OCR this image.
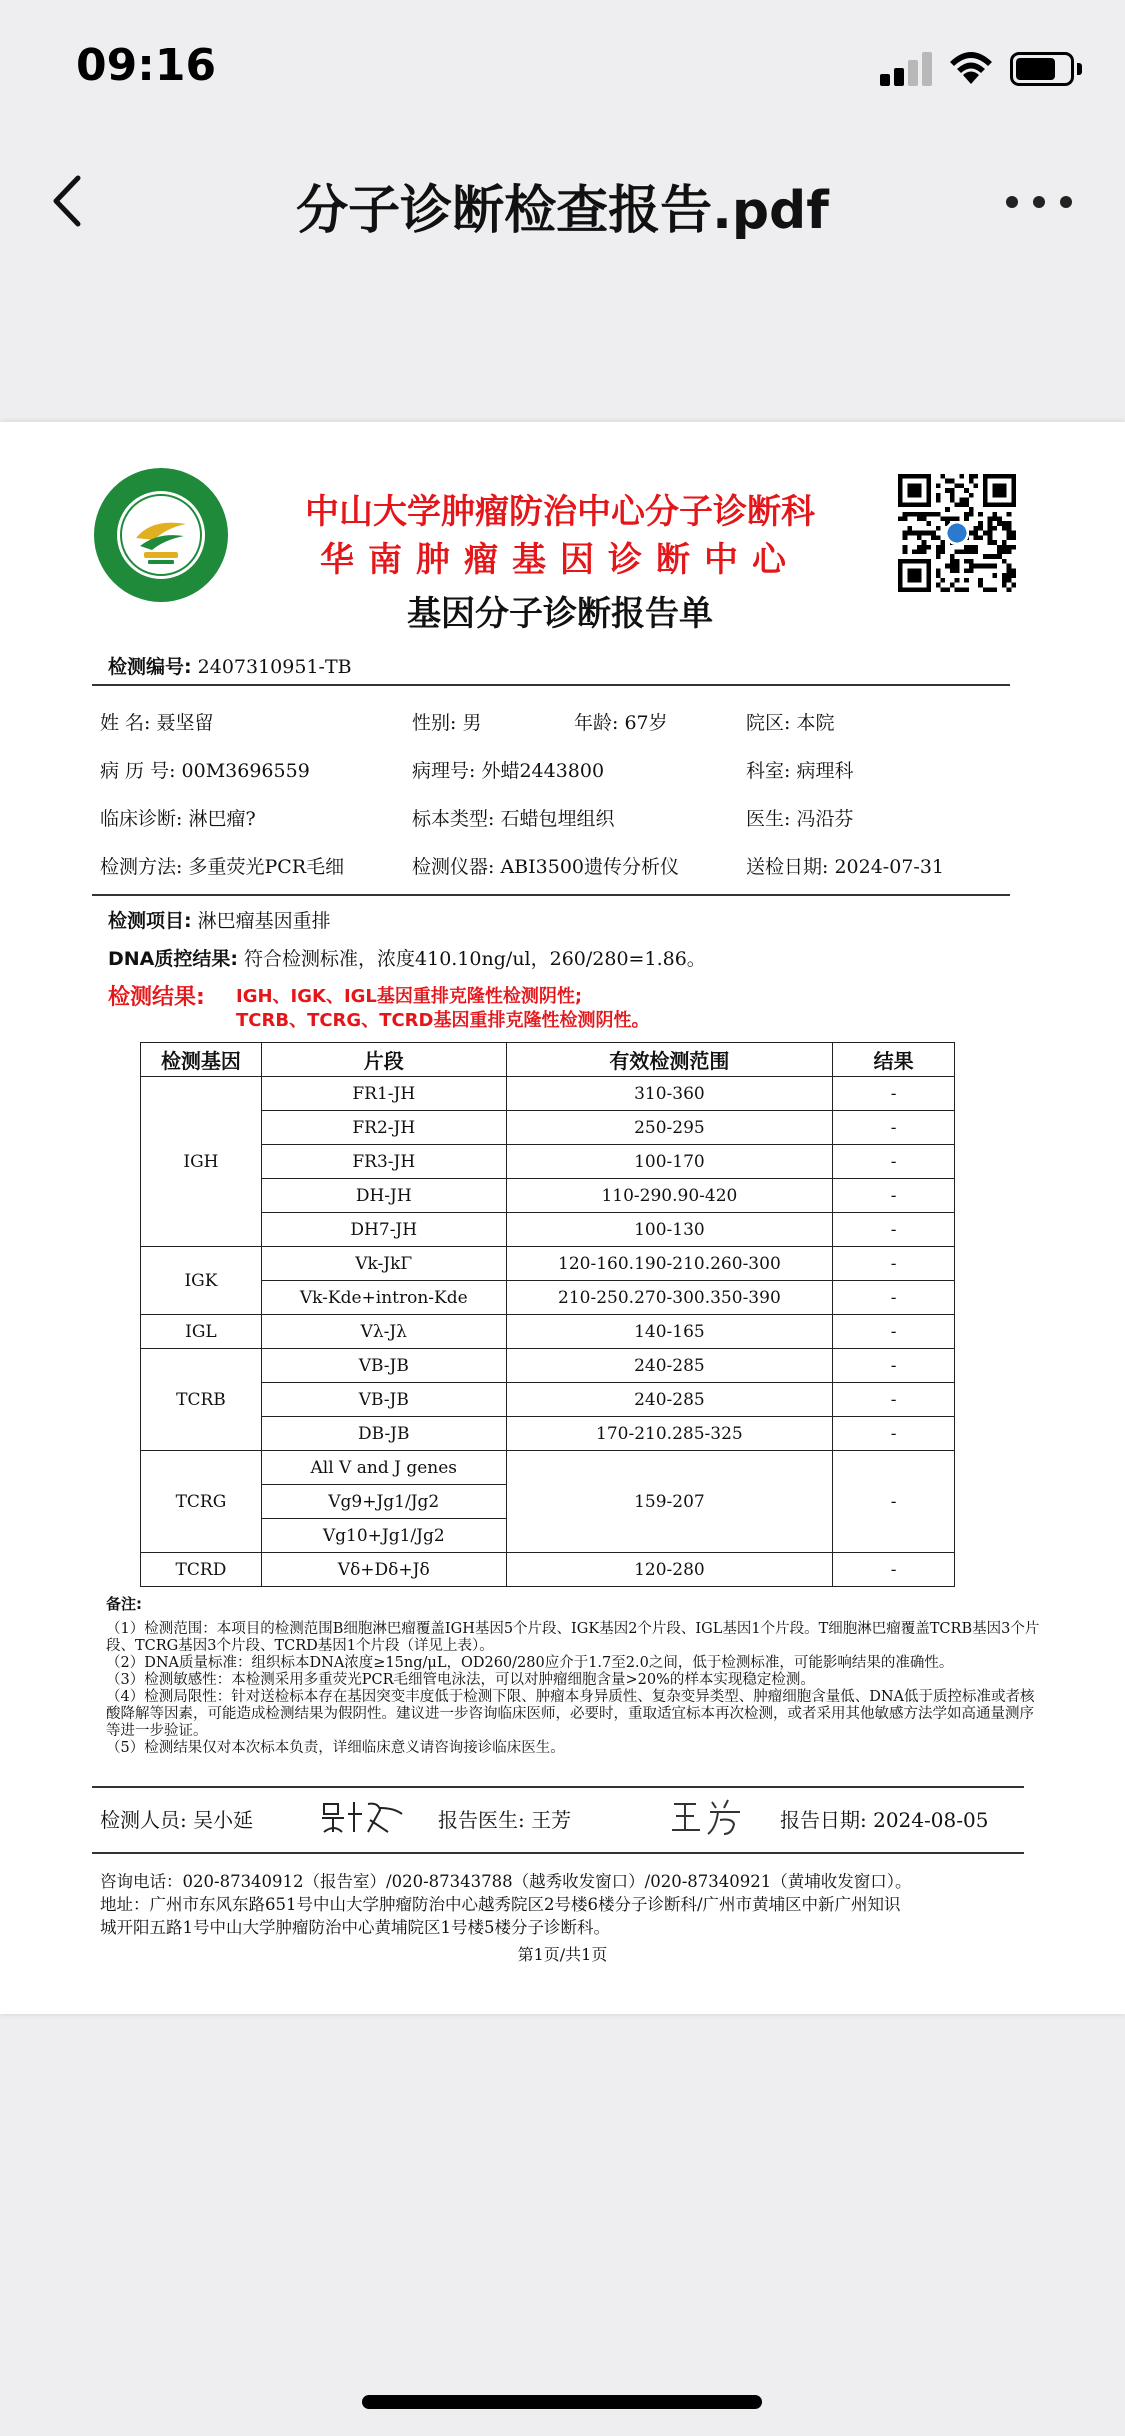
09:16
分子诊断检查报告.pdf
中山大学肿瘤防治中心分子诊断科
华南肿瘤基因诊断中心
基因分子诊断报告单
检测编号: 2407310951-TB
姓 名: 聂坚留	性别: 男	年龄: 67岁	院区: 本院
病 历 号: 00M3696559	病理号: 外蜡2443800	科室: 病理科
临床诊断: 淋巴瘤?	标本类型: 石蜡包埋组织	医生: 冯沿芬
检测方法: 多重荧光PCR毛细	检测仪器: ABI3500遗传分析仪	送检日期: 2024-07-31
检测项目: 淋巴瘤基因重排
DNA质控结果: 符合检测标准，浓度410.10ng/ul，260/280=1.86。
检测结果: IGH、IGK、IGL基因重排克隆性检测阴性;
TCRB、TCRG、TCRD基因重排克隆性检测阴性。
检测基因	片段	有效检测范围	结果
IGH	FR1-JH	310-360	-
	FR2-JH	250-295	-
	FR3-JH	100-170	-
	DH-JH	110-290.90-420	-
	DH7-JH	100-130	-
IGK	Vk-JkΓ	120-160.190-210.260-300	-
	Vk-Kde+intron-Kde	210-250.270-300.350-390	-
IGL	Vλ-Jλ	140-165	-
TCRB	VB-JB	240-285	-
	VB-JB	240-285	-
	DB-JB	170-210.285-325	-
TCRG	All V and J genes	159-207	-
	Vg9+Jg1/Jg2		
	Vg10+Jg1/Jg2		
TCRD	Vδ+Dδ+Jδ	120-280	-
备注:

（1）检测范围：本项目的检测范围B细胞淋巴瘤覆盖IGH基因5个片段、IGK基因2个片段、IGL基因1个片段。T细胞淋巴瘤覆盖TCRB基因3个片段、TCRG基因3个片段、TCRD基因1个片段（详见上表）。

（2）DNA质量标准：组织标本DNA浓度≥15ng/μL，OD260/280应介于1.7至2.0之间，低于检测标准，可能影响结果的准确性。

（3）检测敏感性：本检测采用多重荧光PCR毛细管电泳法，可以对肿瘤细胞含量>20%的样本实现稳定检测。

（4）检测局限性：针对送检标本存在基因突变丰度低于检测下限、肿瘤本身异质性、复杂变异类型、肿瘤细胞含量低、DNA低于质控标准或者核酸降解等因素，可能造成检测结果为假阴性。建议进一步咨询临床医师，必要时，重取适宜标本再次检测，或者采用其他敏感方法学如高通量测序等进一步验证。

（5）检测结果仅对本次标本负责，详细临床意义请咨询接诊临床医生。

检测人员: 吴小延	报告医生: 王芳	报告日期: 2024-08-05
咨询电话：020-87340912（报告室）/020-87343788（越秀收发窗口）/020-87340921（黄埔收发窗口）。
地址：广州市东风东路651号中山大学肿瘤防治中心越秀院区2号楼6楼分子诊断科/广州市黄埔区中新广州知识
城开阳五路1号中山大学肿瘤防治中心黄埔院区1号楼5楼分子诊断科。
第1页/共1页
